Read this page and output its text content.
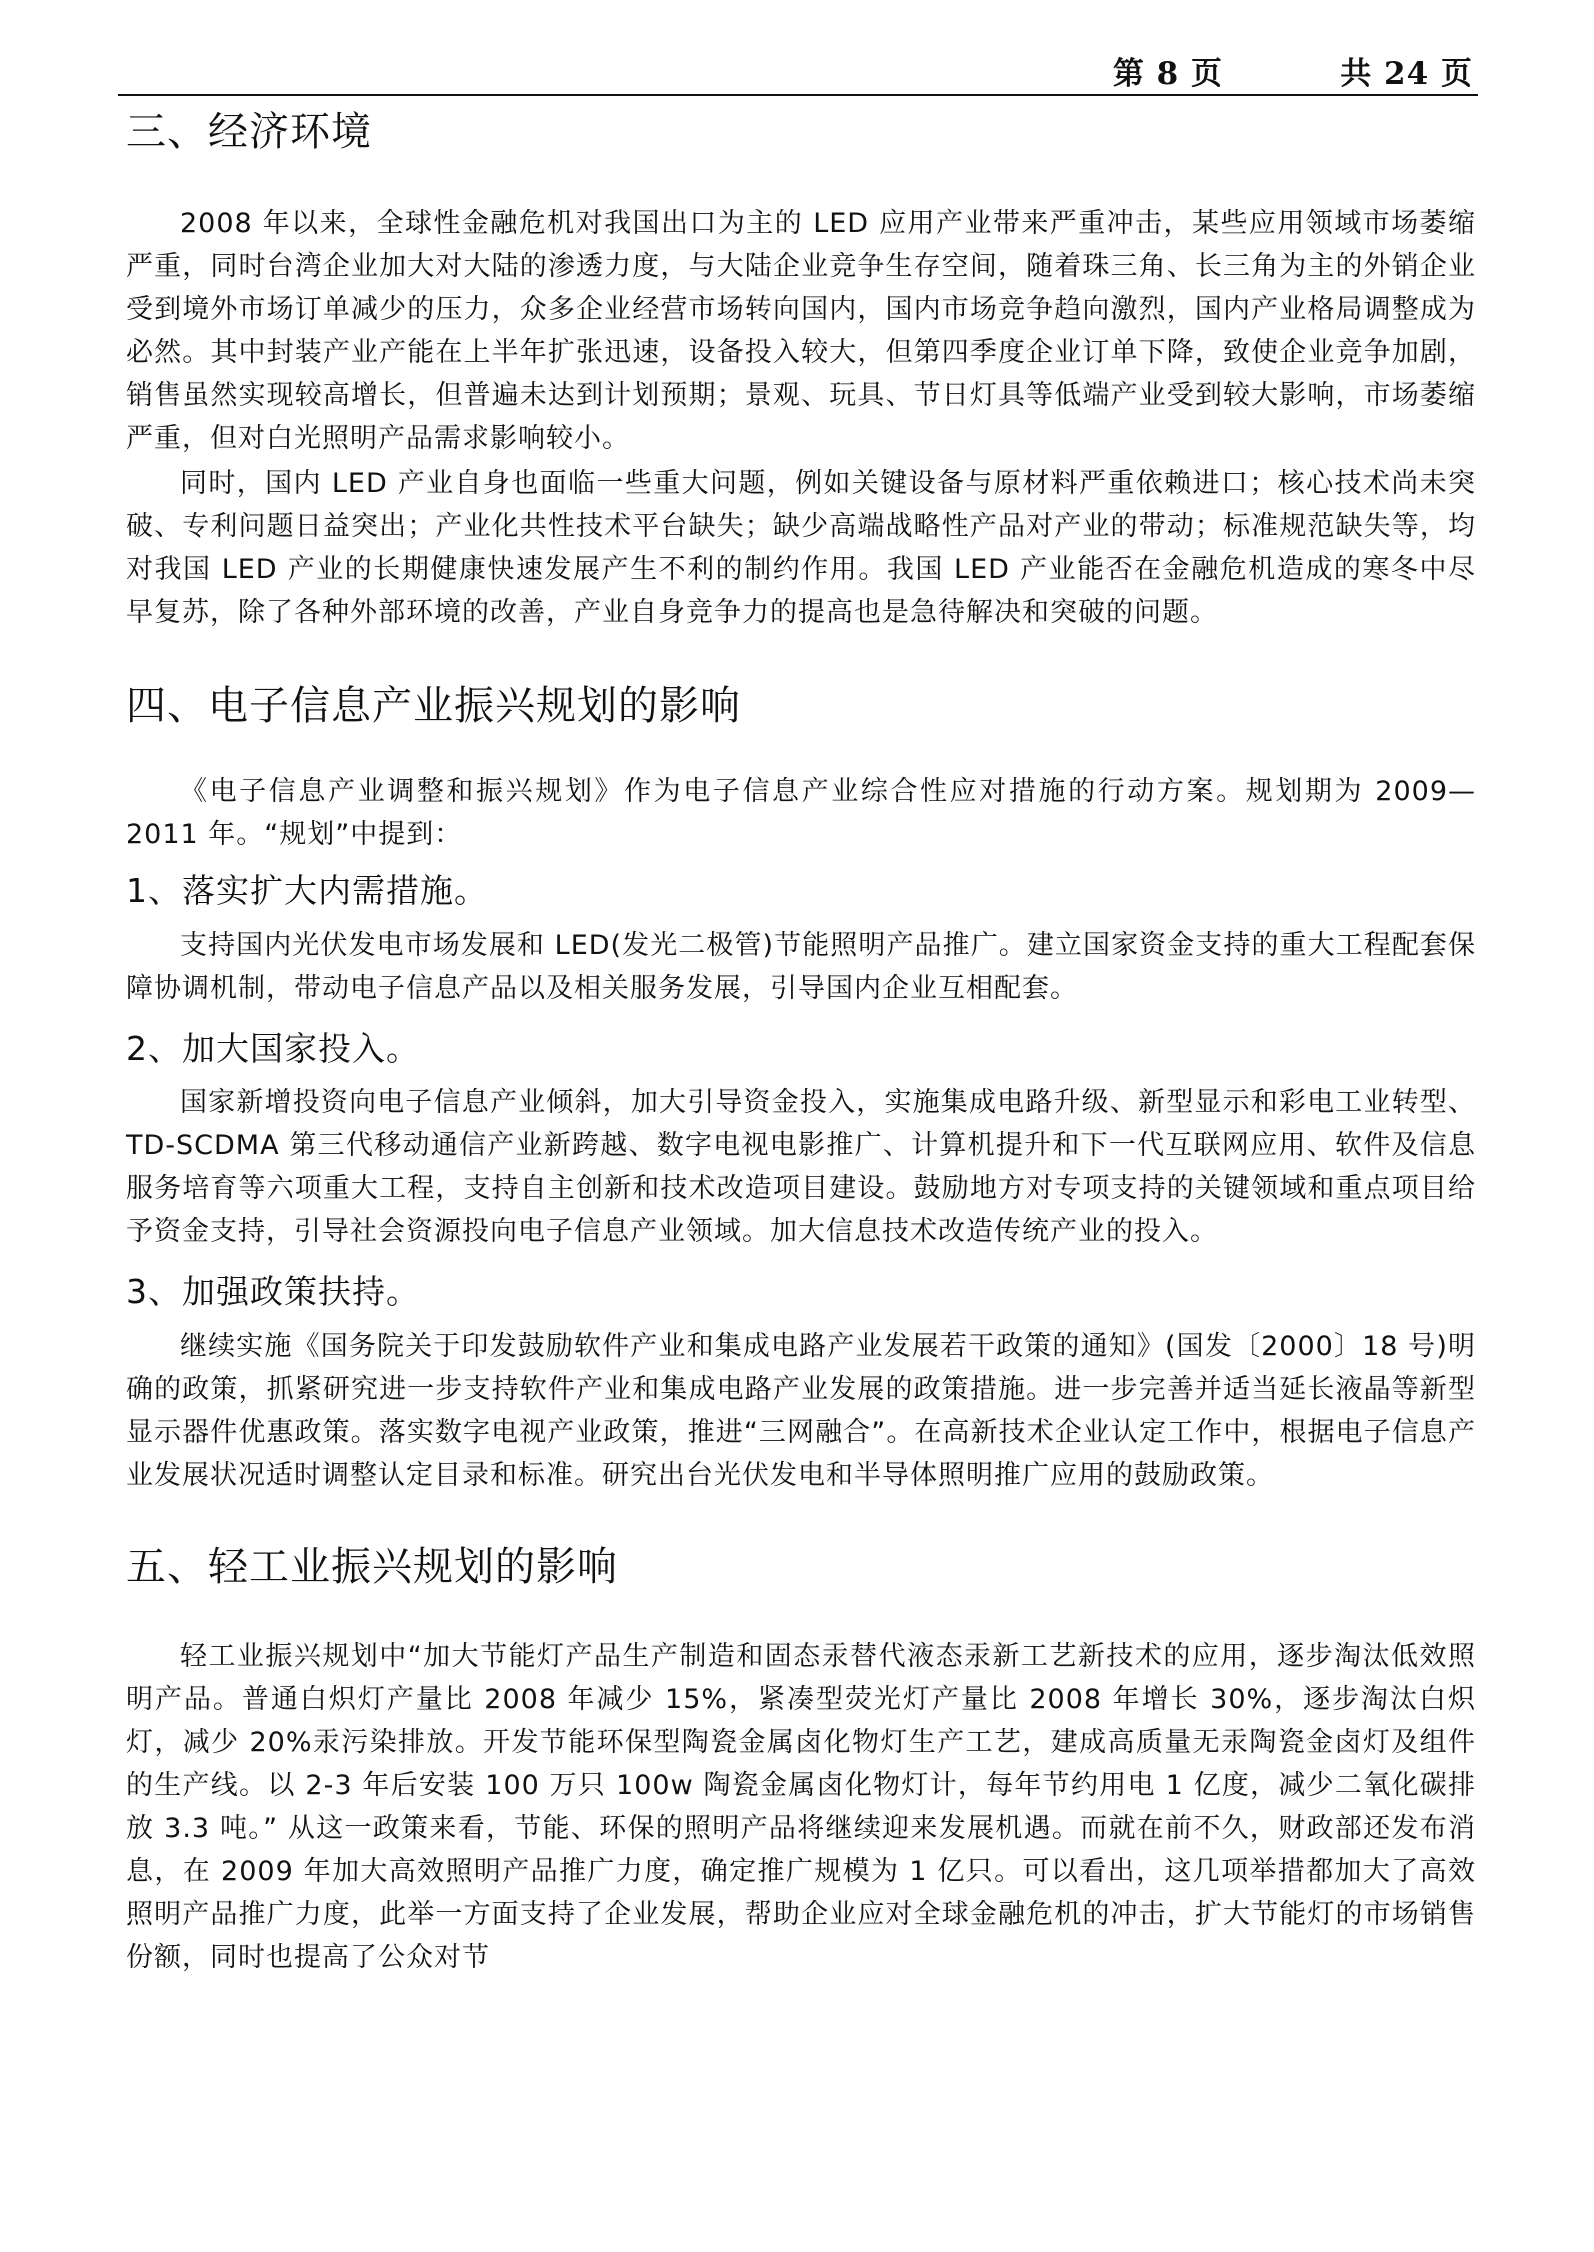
第 8 页	共 24 页
三、经济环境

2008 年以来，全球性金融危机对我国出口为主的 LED 应用产业带来严重冲击，某些应用领域市场萎缩严重，同时台湾企业加大对大陆的渗透力度，与大陆企业竞争生存空间，随着珠三角、长三角为主的外销企业受到境外市场订单减少的压力，众多企业经营市场转向国内，国内市场竞争趋向激烈，国内产业格局调整成为必然。其中封装产业产能在上半年扩张迅速，设备投入较大，但第四季度企业订单下降，致使企业竞争加剧，销售虽然实现较高增长，但普遍未达到计划预期；景观、玩具、节日灯具等低端产业受到较大影响，市场萎缩严重，但对白光照明产品需求影响较小。

同时，国内 LED 产业自身也面临一些重大问题，例如关键设备与原材料严重依赖进口；核心技术尚未突破、专利问题日益突出；产业化共性技术平台缺失；缺少高端战略性产品对产业的带动；标准规范缺失等，均对我国 LED 产业的长期健康快速发展产生不利的制约作用。我国 LED 产业能否在金融危机造成的寒冬中尽早复苏，除了各种外部环境的改善，产业自身竞争力的提高也是急待解决和突破的问题。

四、电子信息产业振兴规划的影响

《电子信息产业调整和振兴规划》作为电子信息产业综合性应对措施的行动方案。规划期为 2009—2011 年。“规划”中提到：

1、落实扩大内需措施。

支持国内光伏发电市场发展和 LED(发光二极管)节能照明产品推广。建立国家资金支持的重大工程配套保障协调机制，带动电子信息产品以及相关服务发展，引导国内企业互相配套。

2、加大国家投入。

国家新增投资向电子信息产业倾斜，加大引导资金投入，实施集成电路升级、新型显示和彩电工业转型、TD-SCDMA 第三代移动通信产业新跨越、数字电视电影推广、计算机提升和下一代互联网应用、软件及信息服务培育等六项重大工程，支持自主创新和技术改造项目建设。鼓励地方对专项支持的关键领域和重点项目给予资金支持，引导社会资源投向电子信息产业领域。加大信息技术改造传统产业的投入。

3、加强政策扶持。

继续实施《国务院关于印发鼓励软件产业和集成电路产业发展若干政策的通知》(国发〔2000〕18 号)明确的政策，抓紧研究进一步支持软件产业和集成电路产业发展的政策措施。进一步完善并适当延长液晶等新型显示器件优惠政策。落实数字电视产业政策，推进“三网融合”。在高新技术企业认定工作中，根据电子信息产业发展状况适时调整认定目录和标准。研究出台光伏发电和半导体照明推广应用的鼓励政策。

五、轻工业振兴规划的影响

轻工业振兴规划中“加大节能灯产品生产制造和固态汞替代液态汞新工艺新技术的应用，逐步淘汰低效照明产品。普通白炽灯产量比 2008 年减少 15%，紧凑型荧光灯产量比 2008 年增长 30%，逐步淘汰白炽灯，减少 20%汞污染排放。开发节能环保型陶瓷金属卤化物灯生产工艺，建成高质量无汞陶瓷金卤灯及组件的生产线。以 2-3 年后安装 100 万只 100w 陶瓷金属卤化物灯计，每年节约用电 1 亿度，减少二氧化碳排放 3.3 吨。” 从这一政策来看，节能、环保的照明产品将继续迎来发展机遇。而就在前不久，财政部还发布消息，在 2009 年加大高效照明产品推广力度，确定推广规模为 1 亿只。可以看出，这几项举措都加大了高效照明产品推广力度，此举一方面支持了企业发展，帮助企业应对全球金融危机的冲击，扩大节能灯的市场销售份额，同时也提高了公众对节
